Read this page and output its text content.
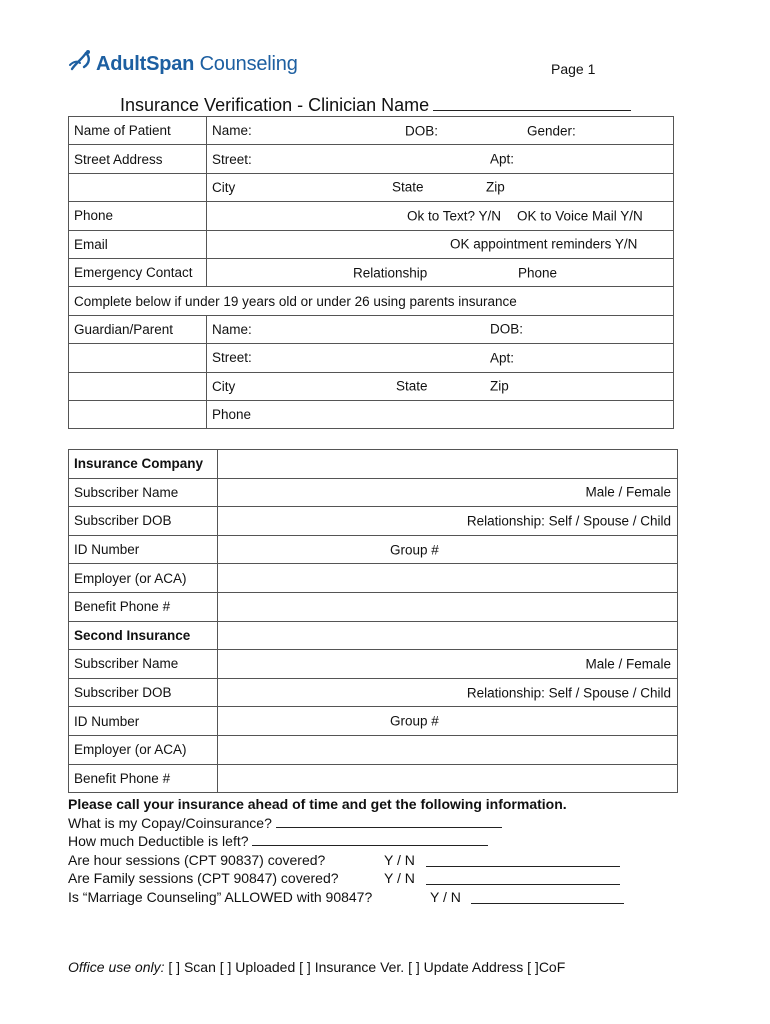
AdultSpan Counseling	Page 1
Insurance Verification - Clinician Name
Name of Patient	Name: DOB: Gender:

Street Address	Street: Apt:

	City State Zip

Phone	Ok to Text? Y/N OK to Voice Mail Y/N

Email	OK appointment reminders Y/N

Emergency Contact	Relationship Phone

Complete below if under 19 years old or under 26 using parents insurance	
Guardian/Parent	Name: DOB:

	Street: Apt:

	City State Zip

	Phone
Insurance Company	
Subscriber Name	Male / Female

Subscriber DOB	Relationship: Self / Spouse / Child

ID Number	Group #

Employer (or ACA)	
Benefit Phone #	
Second Insurance	
Subscriber Name	Male / Female

Subscriber DOB	Relationship: Self / Spouse / Child

ID Number	Group #

Employer (or ACA)	
Benefit Phone #	
Please call your insurance ahead of time and get the following information.
What is my Copay/Coinsurance?
How much Deductible is left?
Are hour sessions (CPT 90837) covered?	Y / N
Are Family sessions (CPT 90847) covered?	Y / N
Is “Marriage Counseling” ALLOWED with 90847?	Y / N
Office use only: [ ] Scan [ ] Uploaded [ ] Insurance Ver. [ ] Update Address [ ]CoF
